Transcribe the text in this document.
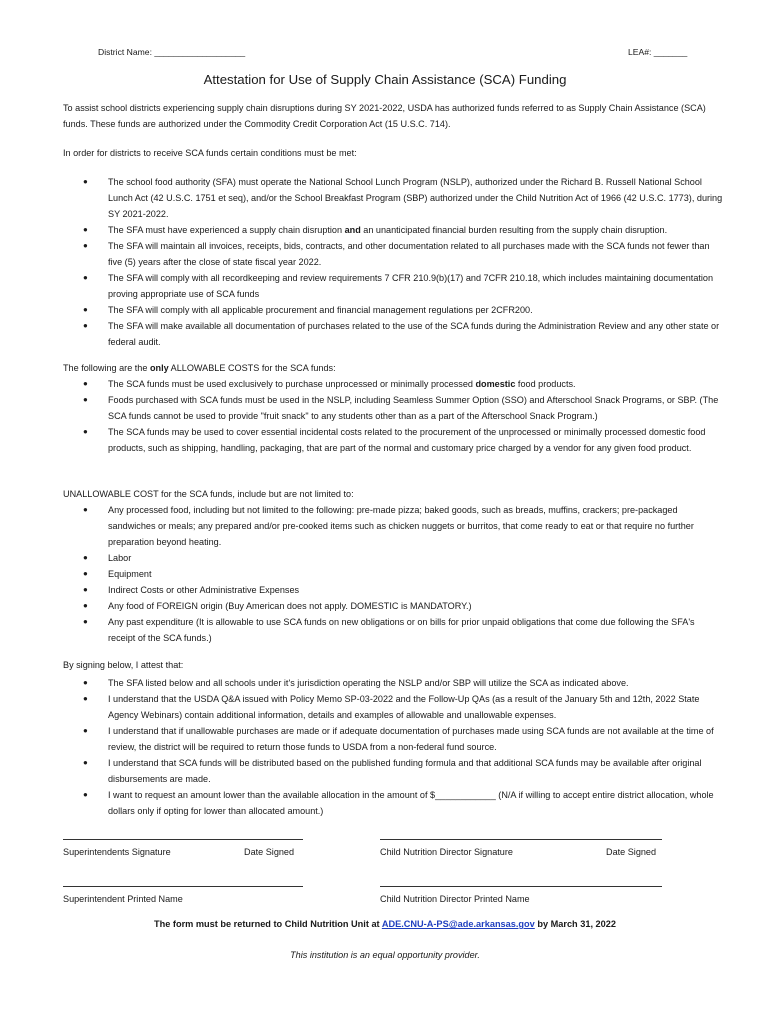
District Name: ___________________	LEA#: _______
Attestation for Use of Supply Chain Assistance (SCA) Funding
To assist school districts experiencing supply chain disruptions during SY 2021-2022, USDA has authorized funds referred to as Supply Chain Assistance (SCA) funds. These funds are authorized under the Commodity Credit Corporation Act (15 U.S.C. 714).
In order for districts to receive SCA funds certain conditions must be met:
● The school food authority (SFA) must operate the National School Lunch Program (NSLP), authorized under the Richard B. Russell National School Lunch Act (42 U.S.C. 1751 et seq), and/or the School Breakfast Program (SBP) authorized under the Child Nutrition Act of 1966 (42 U.S.C. 1773), during SY 2021-2022.
● The SFA must have experienced a supply chain disruption and an unanticipated financial burden resulting from the supply chain disruption.
● The SFA will maintain all invoices, receipts, bids, contracts, and other documentation related to all purchases made with the SCA funds not fewer than five (5) years after the close of state fiscal year 2022.
● The SFA will comply with all recordkeeping and review requirements 7 CFR 210.9(b)(17) and 7CFR 210.18, which includes maintaining documentation proving appropriate use of SCA funds
● The SFA will comply with all applicable procurement and financial management regulations per 2CFR200.
● The SFA will make available all documentation of purchases related to the use of the SCA funds during the Administration Review and any other state or federal audit.
The following are the only ALLOWABLE COSTS for the SCA funds:
● The SCA funds must be used exclusively to purchase unprocessed or minimally processed domestic food products.
● Foods purchased with SCA funds must be used in the NSLP, including Seamless Summer Option (SSO) and Afterschool Snack Programs, or SBP. (The SCA funds cannot be used to provide "fruit snack" to any students other than as a part of the Afterschool Snack Program.)
● The SCA funds may be used to cover essential incidental costs related to the procurement of the unprocessed or minimally processed domestic food products, such as shipping, handling, packaging, that are part of the normal and customary price charged by a vendor for any given food product.
UNALLOWABLE COST for the SCA funds, include but are not limited to:
● Any processed food, including but not limited to the following: pre-made pizza; baked goods, such as breads, muffins, crackers; pre-packaged sandwiches or meals; any prepared and/or pre-cooked items such as chicken nuggets or burritos, that come ready to eat or that require no further preparation beyond heating.
● Labor
● Equipment
● Indirect Costs or other Administrative Expenses
● Any food of FOREIGN origin (Buy American does not apply. DOMESTIC is MANDATORY.)
● Any past expenditure (It is allowable to use SCA funds on new obligations or on bills for prior unpaid obligations that come due following the SFA's receipt of the SCA funds.)
By signing below, I attest that:
● The SFA listed below and all schools under it's jurisdiction operating the NSLP and/or SBP will utilize the SCA as indicated above.
● I understand that the USDA Q&A issued with Policy Memo SP-03-2022 and the Follow-Up QAs (as a result of the January 5th and 12th, 2022 State Agency Webinars) contain additional information, details and examples of allowable and unallowable expenses.
● I understand that if unallowable purchases are made or if adequate documentation of purchases made using SCA funds are not available at the time of review, the district will be required to return those funds to USDA from a non-federal fund source.
● I understand that SCA funds will be distributed based on the published funding formula and that additional SCA funds may be available after original disbursements are made.
● I want to request an amount lower than the available allocation in the amount of $____________ (N/A if willing to accept entire district allocation, whole dollars only if opting for lower than allocated amount.)
Superintendents Signature	Date Signed	Child Nutrition Director Signature	Date Signed
Superintendent Printed Name	Child Nutrition Director Printed Name
The form must be returned to Child Nutrition Unit at ADE.CNU-A-PS@ade.arkansas.gov by March 31, 2022
This institution is an equal opportunity provider.
